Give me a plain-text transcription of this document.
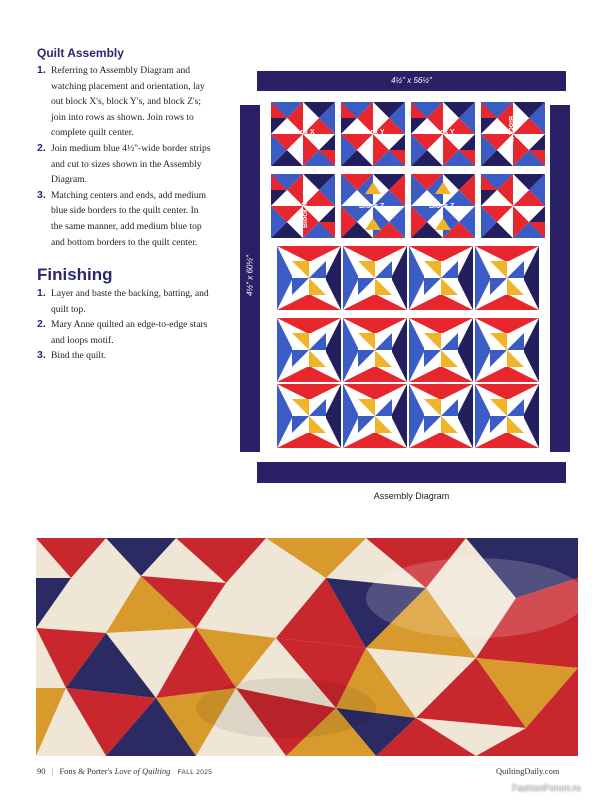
Quilt Assembly
1. Referring to Assembly Diagram and watching placement and orientation, lay out block X's, block Y's, and block Z's; join into rows as shown. Join rows to complete quilt center.
2. Join medium blue 4½"-wide border strips and cut to sizes shown in the Assembly Diagram.
3. Matching centers and ends, add medium blue side borders to the quilt center. In the same manner, add medium blue top and bottom borders to the quilt center.
Finishing
1. Layer and baste the backing, batting, and quilt top.
2. Mary Anne quilted an edge-to-edge stars and loops motif.
3. Bind the quilt.
4½" x 56½"
4½" x 60½"
Block X	Block Y	Block Y	Block X
Block X	Block Z	Block Z
Assembly Diagram
90 | Fons & Porter's Love of Quilting FALL 2025	QuiltingDaily.com
FashionForum.ru
